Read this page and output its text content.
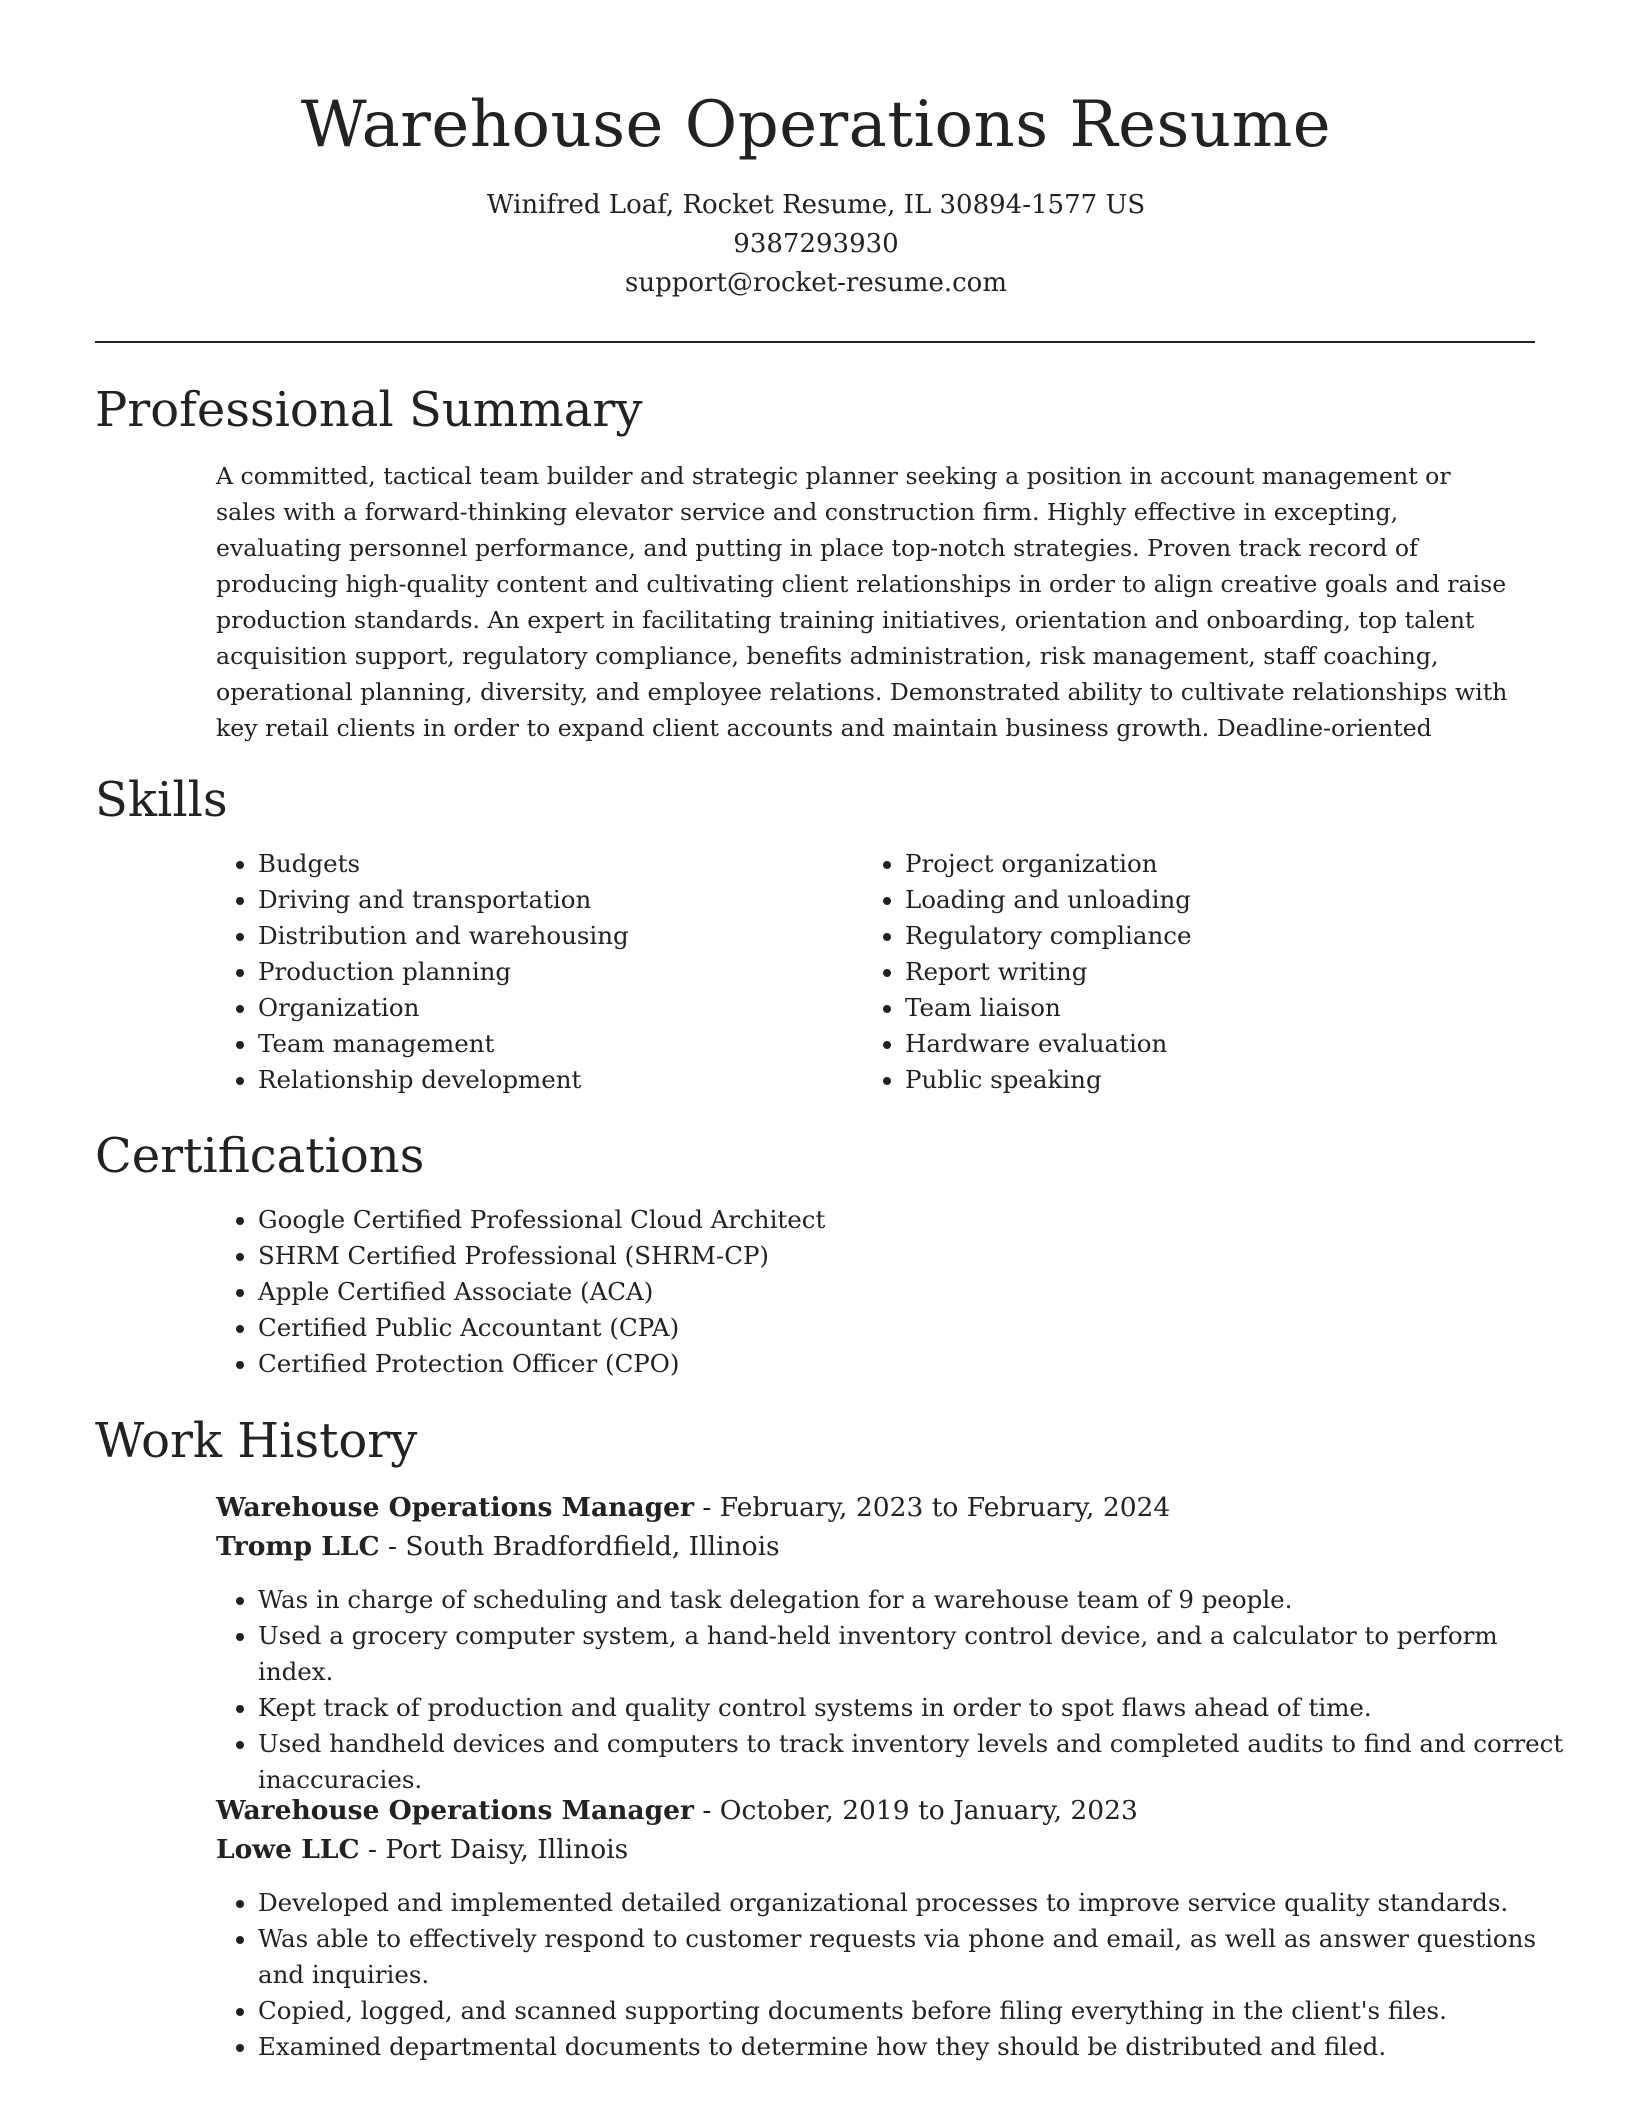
Warehouse Operations Resume
Winifred Loaf, Rocket Resume, IL 30894-1577 US
9387293930
support@rocket-resume.com
Professional Summary

A committed, tactical team builder and strategic planner seeking a position in account management or sales with a forward-thinking elevator service and construction firm. Highly effective in excepting, evaluating personnel performance, and putting in place top-notch strategies. Proven track record of producing high-quality content and cultivating client relationships in order to align creative goals and raise production standards. An expert in facilitating training initiatives, orientation and onboarding, top talent acquisition support, regulatory compliance, benefits administration, risk management, staff coaching, operational planning, diversity, and employee relations. Demonstrated ability to cultivate relationships with key retail clients in order to expand client accounts and maintain business growth. Deadline-oriented

Skills
• Budgets
• Driving and transportation
• Distribution and warehousing
• Production planning
• Organization
• Team management
• Relationship development
• Project organization
• Loading and unloading
• Regulatory compliance
• Report writing
• Team liaison
• Hardware evaluation
• Public speaking
Certifications
• Google Certified Professional Cloud Architect
• SHRM Certified Professional (SHRM-CP)
• Apple Certified Associate (ACA)
• Certified Public Accountant (CPA)
• Certified Protection Officer (CPO)
Work History
Warehouse Operations Manager - February, 2023 to February, 2024
Tromp LLC - South Bradfordfield, Illinois
• Was in charge of scheduling and task delegation for a warehouse team of 9 people.
• Used a grocery computer system, a hand-held inventory control device, and a calculator to perform index.
• Kept track of production and quality control systems in order to spot flaws ahead of time.
• Used handheld devices and computers to track inventory levels and completed audits to find and correct inaccuracies.
Warehouse Operations Manager - October, 2019 to January, 2023
Lowe LLC - Port Daisy, Illinois
• Developed and implemented detailed organizational processes to improve service quality standards.
• Was able to effectively respond to customer requests via phone and email, as well as answer questions and inquiries.
• Copied, logged, and scanned supporting documents before filing everything in the client's files.
• Examined departmental documents to determine how they should be distributed and filed.
